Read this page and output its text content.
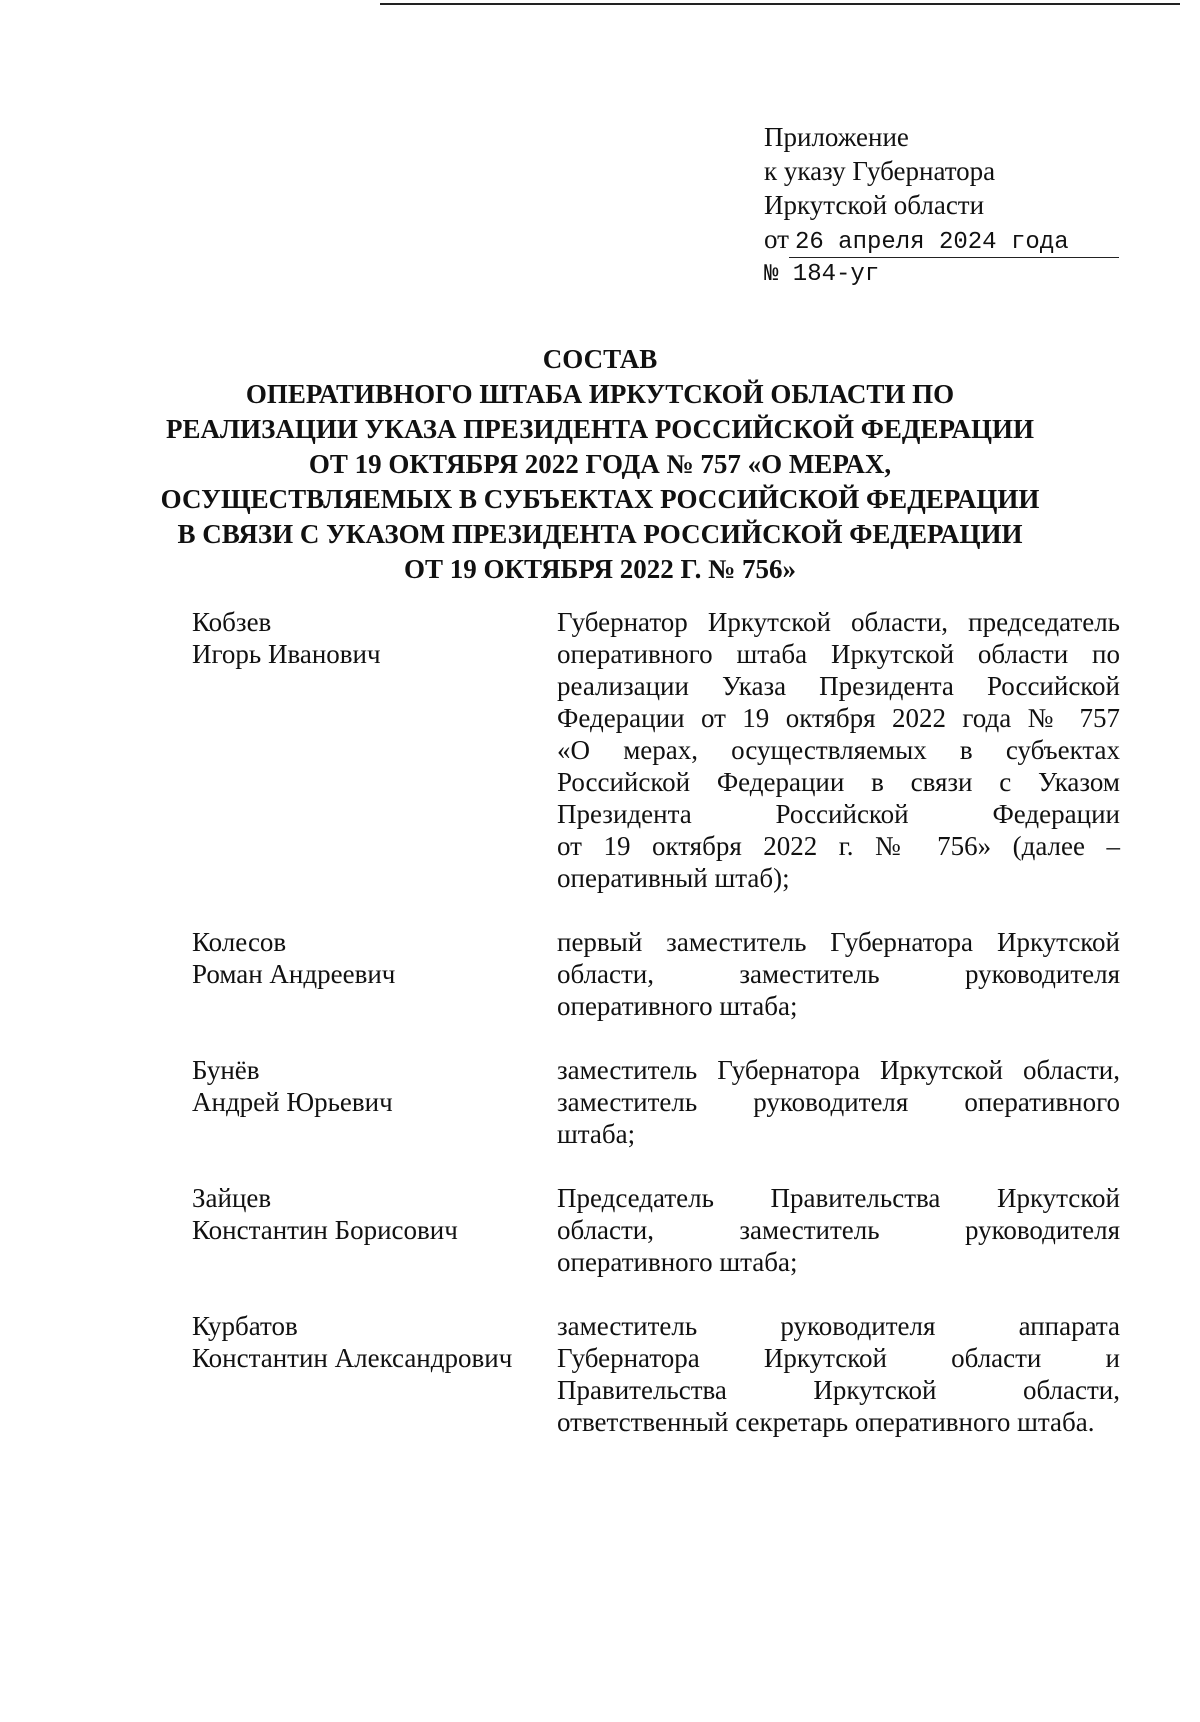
Приложение
к указу Губернатора
Иркутской области
от 26 апреля 2024 года
№ 184-уг
СОСТАВ
ОПЕРАТИВНОГО ШТАБА ИРКУТСКОЙ ОБЛАСТИ ПО
РЕАЛИЗАЦИИ УКАЗА ПРЕЗИДЕНТА РОССИЙСКОЙ ФЕДЕРАЦИИ
ОТ 19 ОКТЯБРЯ 2022 ГОДА № 757 «О МЕРАХ,
ОСУЩЕСТВЛЯЕМЫХ В СУБЪЕКТАХ РОССИЙСКОЙ ФЕДЕРАЦИИ
В СВЯЗИ С УКАЗОМ ПРЕЗИДЕНТА РОССИЙСКОЙ ФЕДЕРАЦИИ
ОТ 19 ОКТЯБРЯ 2022 Г. № 756»
Кобзев
Игорь Иванович
Губернатор Иркутской области, председатель
оперативного штаба Иркутской области по
реализации Указа Президента Российской
Федерации от 19 октября 2022 года № 757
«О мерах, осуществляемых в субъектах
Российской Федерации в связи с Указом
Президента Российской Федерации
от 19 октября 2022 г. № 756» (далее –
оперативный штаб);
Колесов
Роман Андреевич
первый заместитель Губернатора Иркутской
области, заместитель руководителя
оперативного штаба;
Бунёв
Андрей Юрьевич
заместитель Губернатора Иркутской области,
заместитель руководителя оперативного
штаба;
Зайцев
Константин Борисович
Председатель Правительства Иркутской
области, заместитель руководителя
оперативного штаба;
Курбатов
Константин Александрович
заместитель руководителя аппарата
Губернатора Иркутской области и
Правительства Иркутской области,
ответственный секретарь оперативного штаба.
